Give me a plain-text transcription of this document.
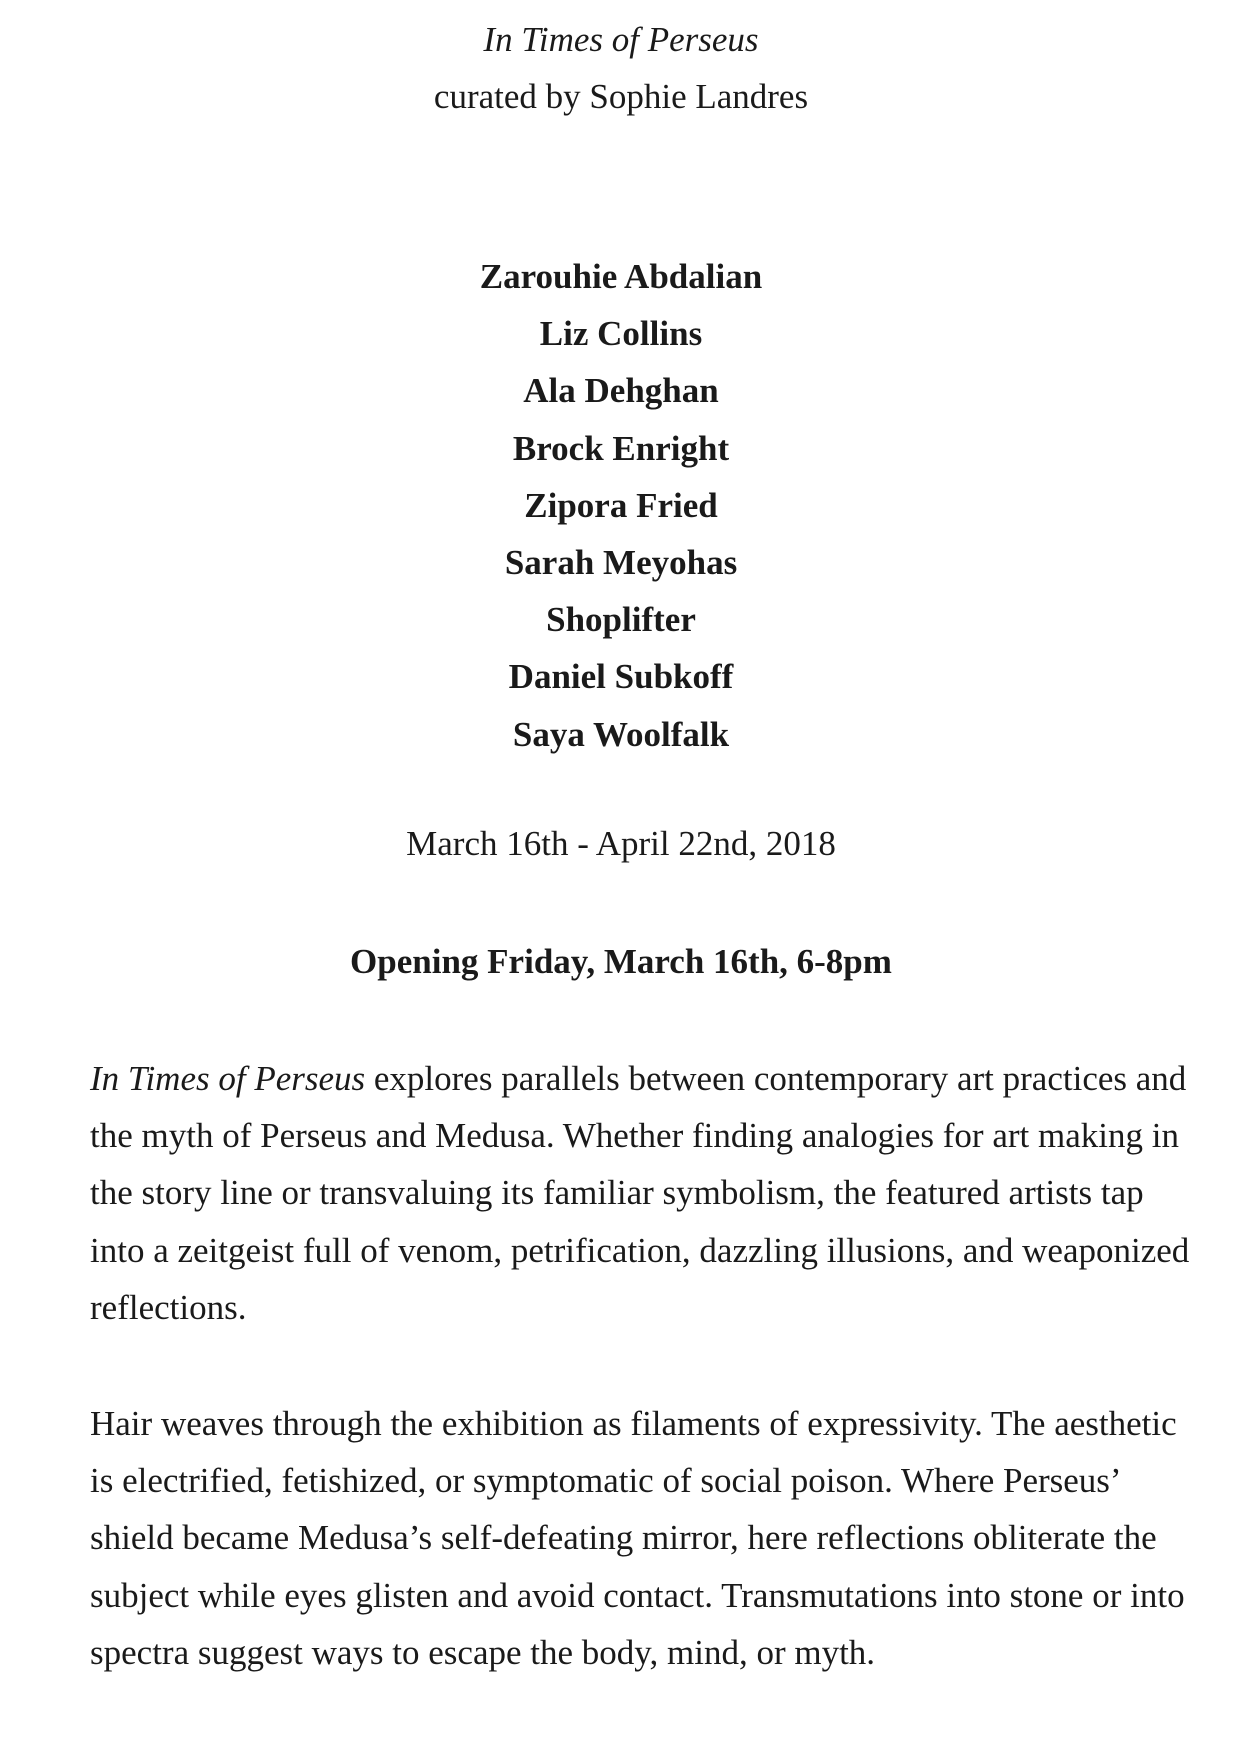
In Times of Perseus
curated by Sophie Landres
Zarouhie Abdalian
Liz Collins
Ala Dehghan
Brock Enright
Zipora Fried
Sarah Meyohas
Shoplifter
Daniel Subkoff
Saya Woolfalk
March 16th - April 22nd, 2018
Opening Friday, March 16th, 6-8pm

In Times of Perseus explores parallels between contemporary art practices and the myth of Perseus and Medusa. Whether finding analogies for art making in the story line or transvaluing its familiar symbolism, the featured artists tap into a zeitgeist full of venom, petrification, dazzling illusions, and weaponized reflections.

Hair weaves through the exhibition as filaments of expressivity. The aesthetic is electrified, fetishized, or symptomatic of social poison. Where Perseus’ shield became Medusa’s self-defeating mirror, here reflections obliterate the subject while eyes glisten and avoid contact. Transmutations into stone or into spectra suggest ways to escape the body, mind, or myth.
